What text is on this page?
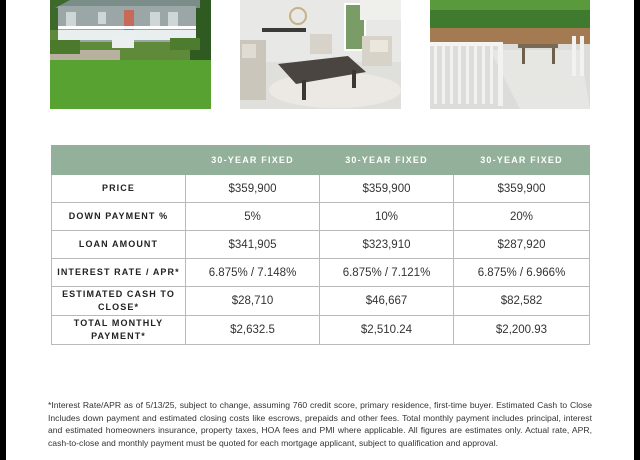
	30-YEAR FIXED	30-YEAR FIXED	30-YEAR FIXED
PRICE	$359,900	$359,900	$359,900
DOWN PAYMENT %	5%	10%	20%
LOAN AMOUNT	$341,905	$323,910	$287,920
INTEREST RATE / APR*	6.875% / 7.148%	6.875% / 7.121%	6.875% / 6.966%
ESTIMATED CASH TO CLOSE*	$28,710	$46,667	$82,582
TOTAL MONTHLY PAYMENT*	$2,632.5	$2,510.24	$2,200.93
*Interest Rate/APR as of 5/13/25, subject to change, assuming 760 credit score, primary residence, first-time buyer. Estimated Cash to Close Includes down payment and estimated closing costs like escrows, prepaids and other fees. Total monthly payment includes principal, interest and estimated homeowners insurance, property taxes, HOA fees and PMI where applicable. All figures are estimates only. Actual rate, APR, cash-to-close and monthly payment must be quoted for each mortgage applicant, subject to qualification and approval.
